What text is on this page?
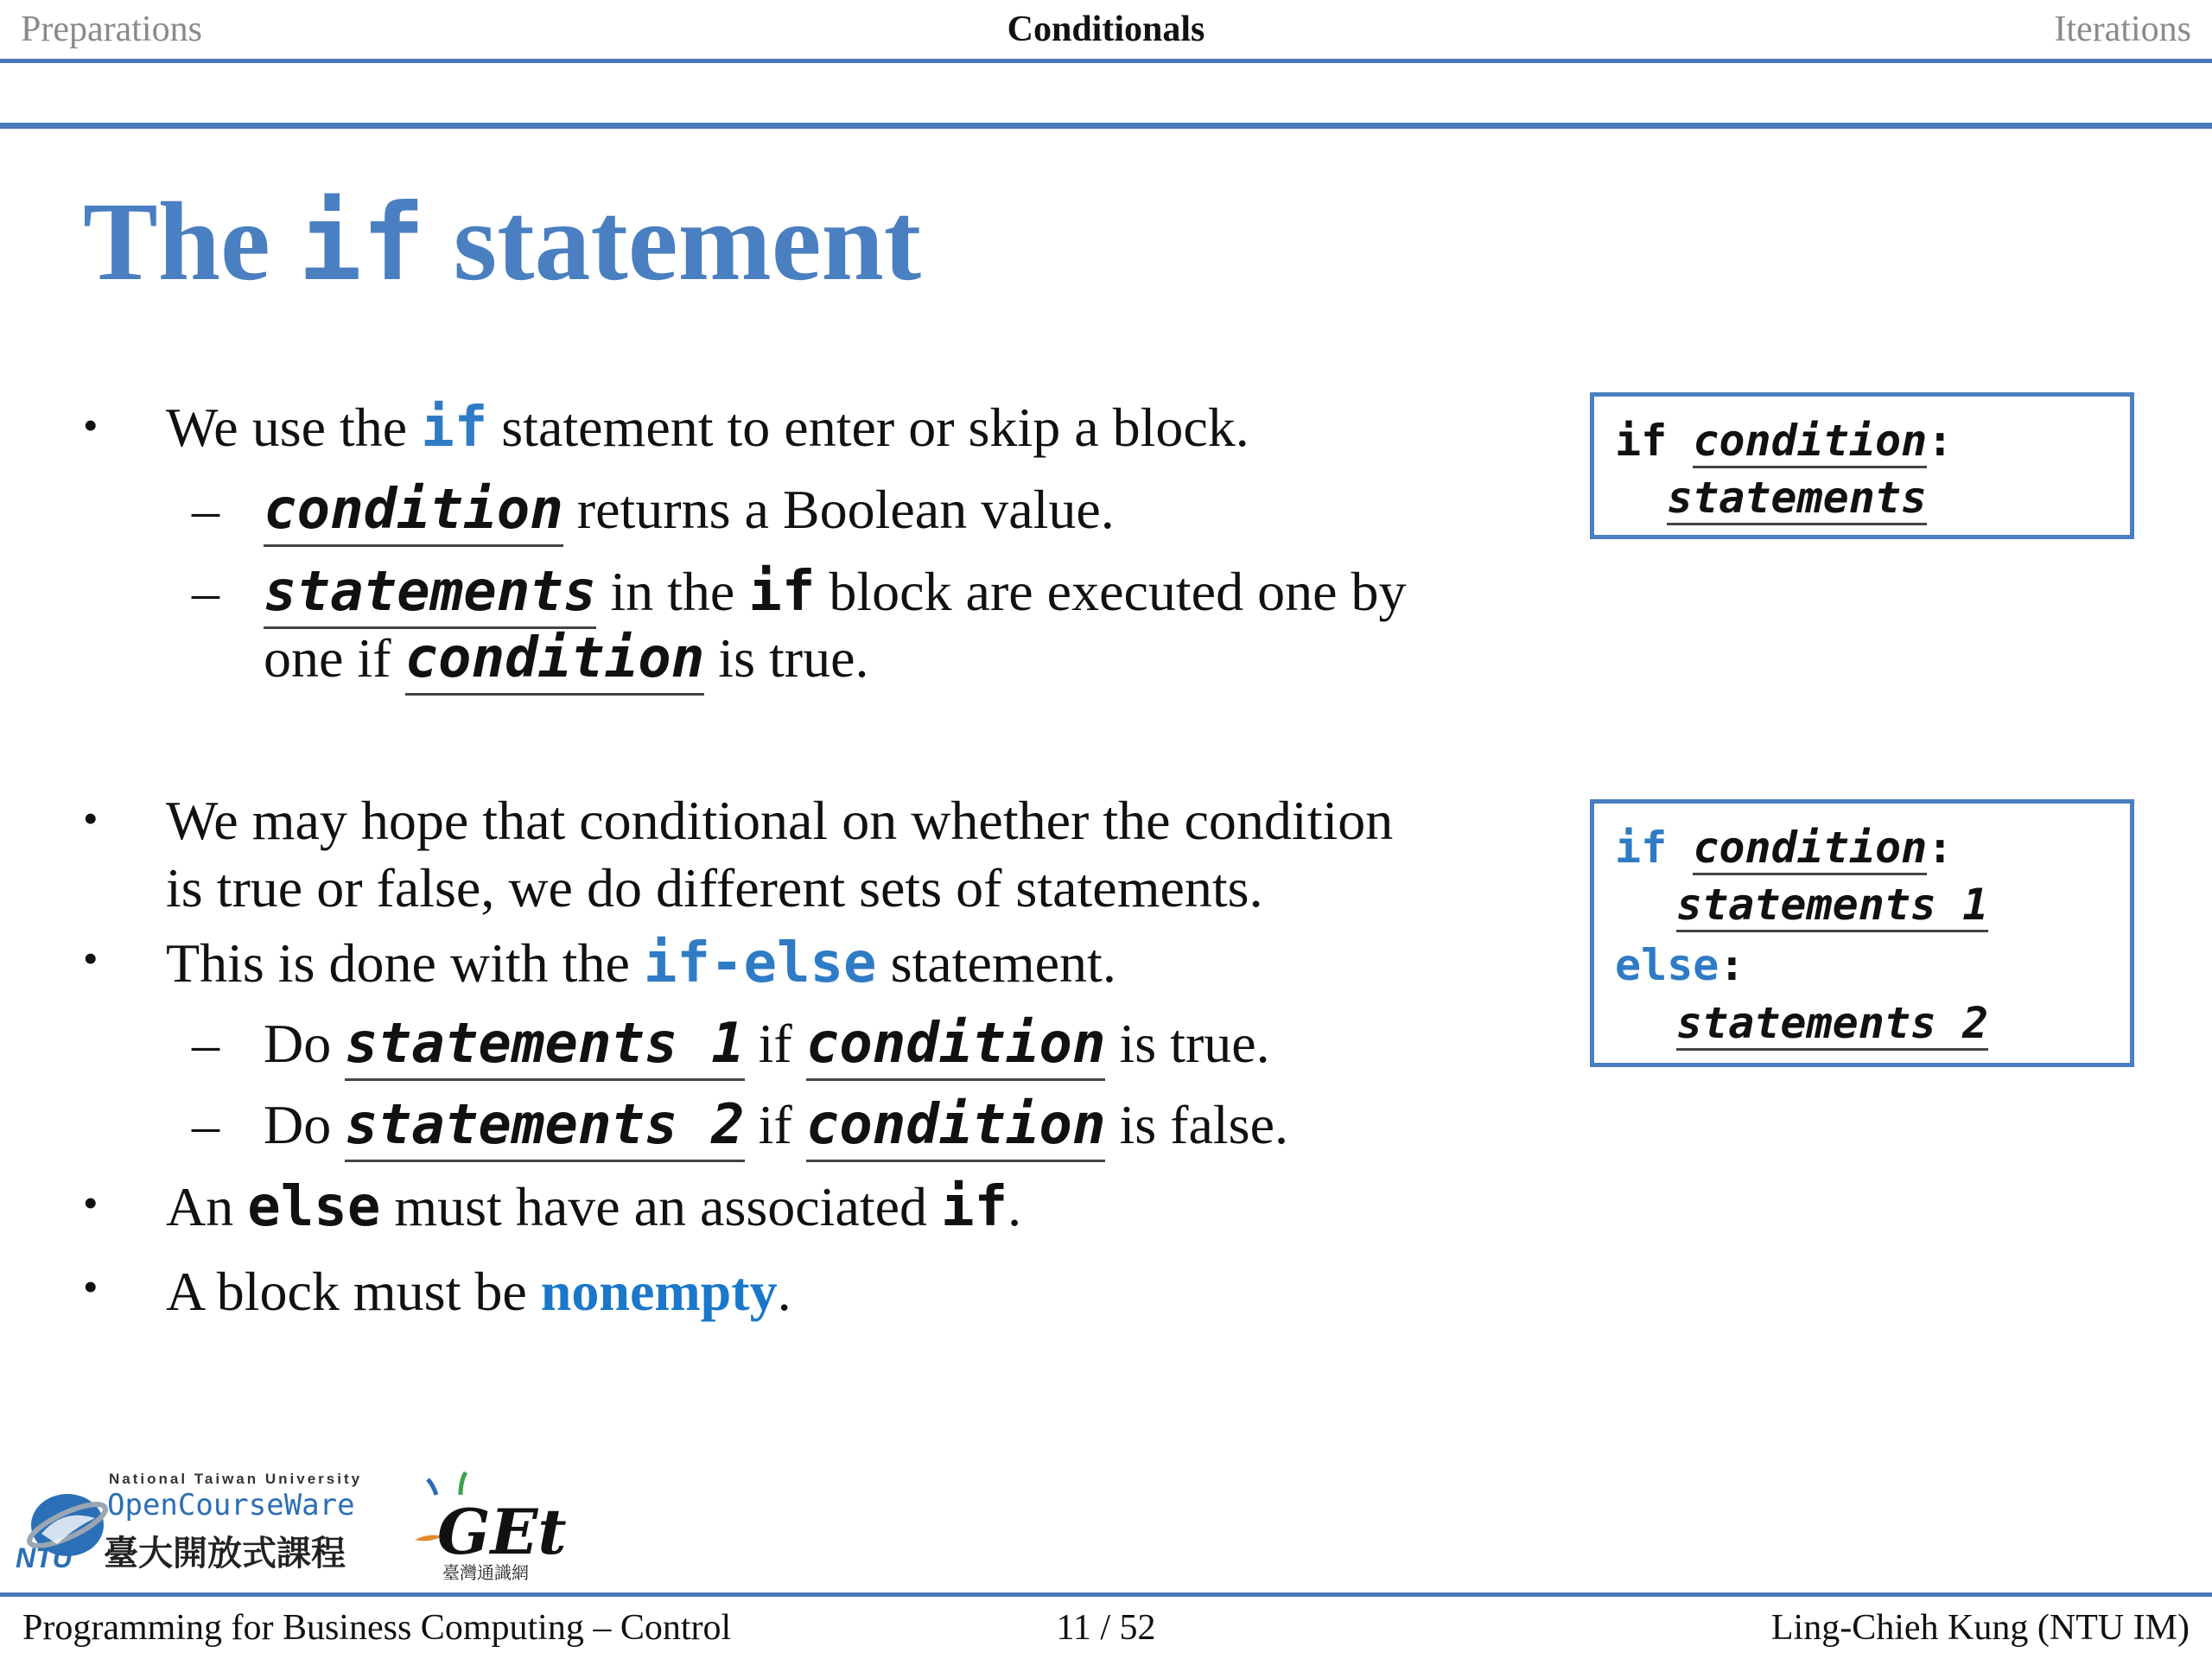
Preparations	Conditionals	Iterations
The if statement
• We use the if statement to enter or skip a block.
– condition returns a Boolean value.
– statements in the if block are executed one by
one if condition is true.
• We may hope that conditional on whether the condition
is true or false, we do different sets of statements.
• This is done with the if-else statement.
– Do statements 1 if condition is true.
– Do statements 2 if condition is false.
• An else must have an associated if.
• A block must be nonempty.
if condition:
statements
if condition:
statements 1
else:
statements 2
NTU
National Taiwan University
OpenCourseWare
臺大開放式課程 GEt
臺灣通識網
Programming for Business Computing – Control	11 / 52	Ling-Chieh Kung (NTU IM)
